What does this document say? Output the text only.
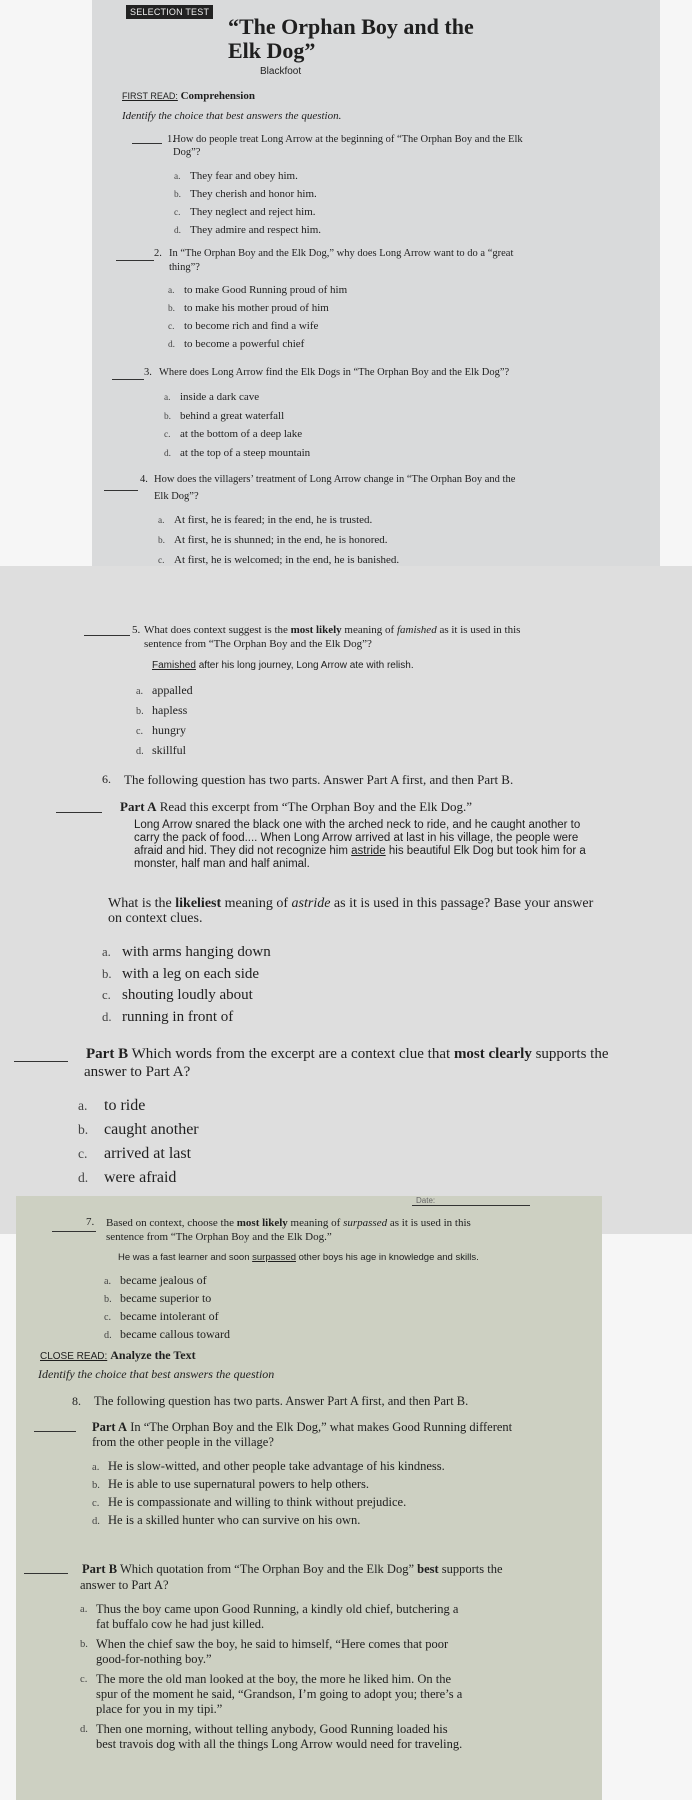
SELECTION TEST
“The Orphan Boy and the
Elk Dog”
Blackfoot
FIRST READ: Comprehension
Identify the choice that best answers the question.
1.
How do people treat Long Arrow at the beginning of “The Orphan Boy and the Elk
Dog”?
a. They fear and obey him.
b. They cherish and honor him.
c. They neglect and reject him.
d. They admire and respect him.
2. In “The Orphan Boy and the Elk Dog,” why does Long Arrow want to do a “great
thing”?
a. to make Good Running proud of him
b. to make his mother proud of him
c. to become rich and find a wife
d. to become a powerful chief
3. Where does Long Arrow find the Elk Dogs in “The Orphan Boy and the Elk Dog”?
a. inside a dark cave
b. behind a great waterfall
c. at the bottom of a deep lake
d. at the top of a steep mountain
4. How does the villagers’ treatment of Long Arrow change in “The Orphan Boy and the
Elk Dog”?
a. At first, he is feared; in the end, he is trusted.
b. At first, he is shunned; in the end, he is honored.
c. At first, he is welcomed; in the end, he is banished.
5. What does context suggest is the most likely meaning of famished as it is used in this
sentence from “The Orphan Boy and the Elk Dog”?
Famished after his long journey, Long Arrow ate with relish.
a. appalled
b. hapless
c. hungry
d. skillful
6. The following question has two parts. Answer Part A first, and then Part B.
Part A Read this excerpt from “The Orphan Boy and the Elk Dog.”
Long Arrow snared the black one with the arched neck to ride, and he caught another to
carry the pack of food.... When Long Arrow arrived at last in his village, the people were
afraid and hid. They did not recognize him astride his beautiful Elk Dog but took him for a
monster, half man and half animal.
What is the likeliest meaning of astride as it is used in this passage? Base your answer
on context clues.
a. with arms hanging down
b. with a leg on each side
c. shouting loudly about
d. running in front of
Part B Which words from the excerpt are a context clue that most clearly supports the
answer to Part A?
a. to ride
b. caught another
c. arrived at last
d. were afraid
Date:
7. Based on context, choose the most likely meaning of surpassed as it is used in this
sentence from “The Orphan Boy and the Elk Dog.”
He was a fast learner and soon surpassed other boys his age in knowledge and skills.
a. became jealous of
b. became superior to
c. became intolerant of
d. became callous toward
CLOSE READ: Analyze the Text
Identify the choice that best answers the question
8. The following question has two parts. Answer Part A first, and then Part B.
Part A In “The Orphan Boy and the Elk Dog,” what makes Good Running different
from the other people in the village?
a. He is slow-witted, and other people take advantage of his kindness.
b. He is able to use supernatural powers to help others.
c. He is compassionate and willing to think without prejudice.
d. He is a skilled hunter who can survive on his own.
Part B Which quotation from “The Orphan Boy and the Elk Dog” best supports the
answer to Part A?
a. Thus the boy came upon Good Running, a kindly old chief, butchering a
fat buffalo cow he had just killed.
b. When the chief saw the boy, he said to himself, “Here comes that poor
good-for-nothing boy.”
c. The more the old man looked at the boy, the more he liked him. On the
spur of the moment he said, “Grandson, I’m going to adopt you; there’s a
place for you in my tipi.”
d. Then one morning, without telling anybody, Good Running loaded his
best travois dog with all the things Long Arrow would need for traveling.
